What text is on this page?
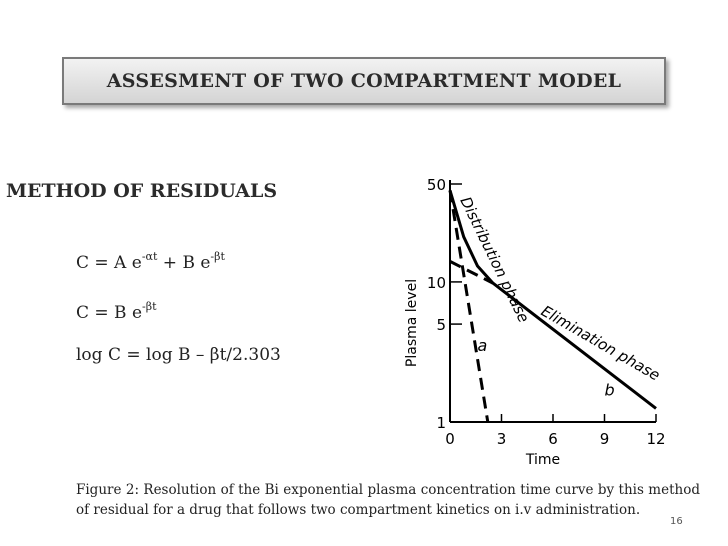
ASSESMENT OF TWO COMPARTMENT MODEL
METHOD OF RESIDUALS
C = A $e^{-\alpha t} + B$ $e^{-\beta t}$
C = B $e^{-\beta t}$
log C = log B – βt/2.303
1
5
10
50
0	3	6	9 12
Time
Plasma level Distribution phase
Elimination phase
a
b
Figure 2: Resolution of the Bi exponential plasma concentration time curve by this method of residual for a drug that follows two compartment kinetics on i.v administration.
16
